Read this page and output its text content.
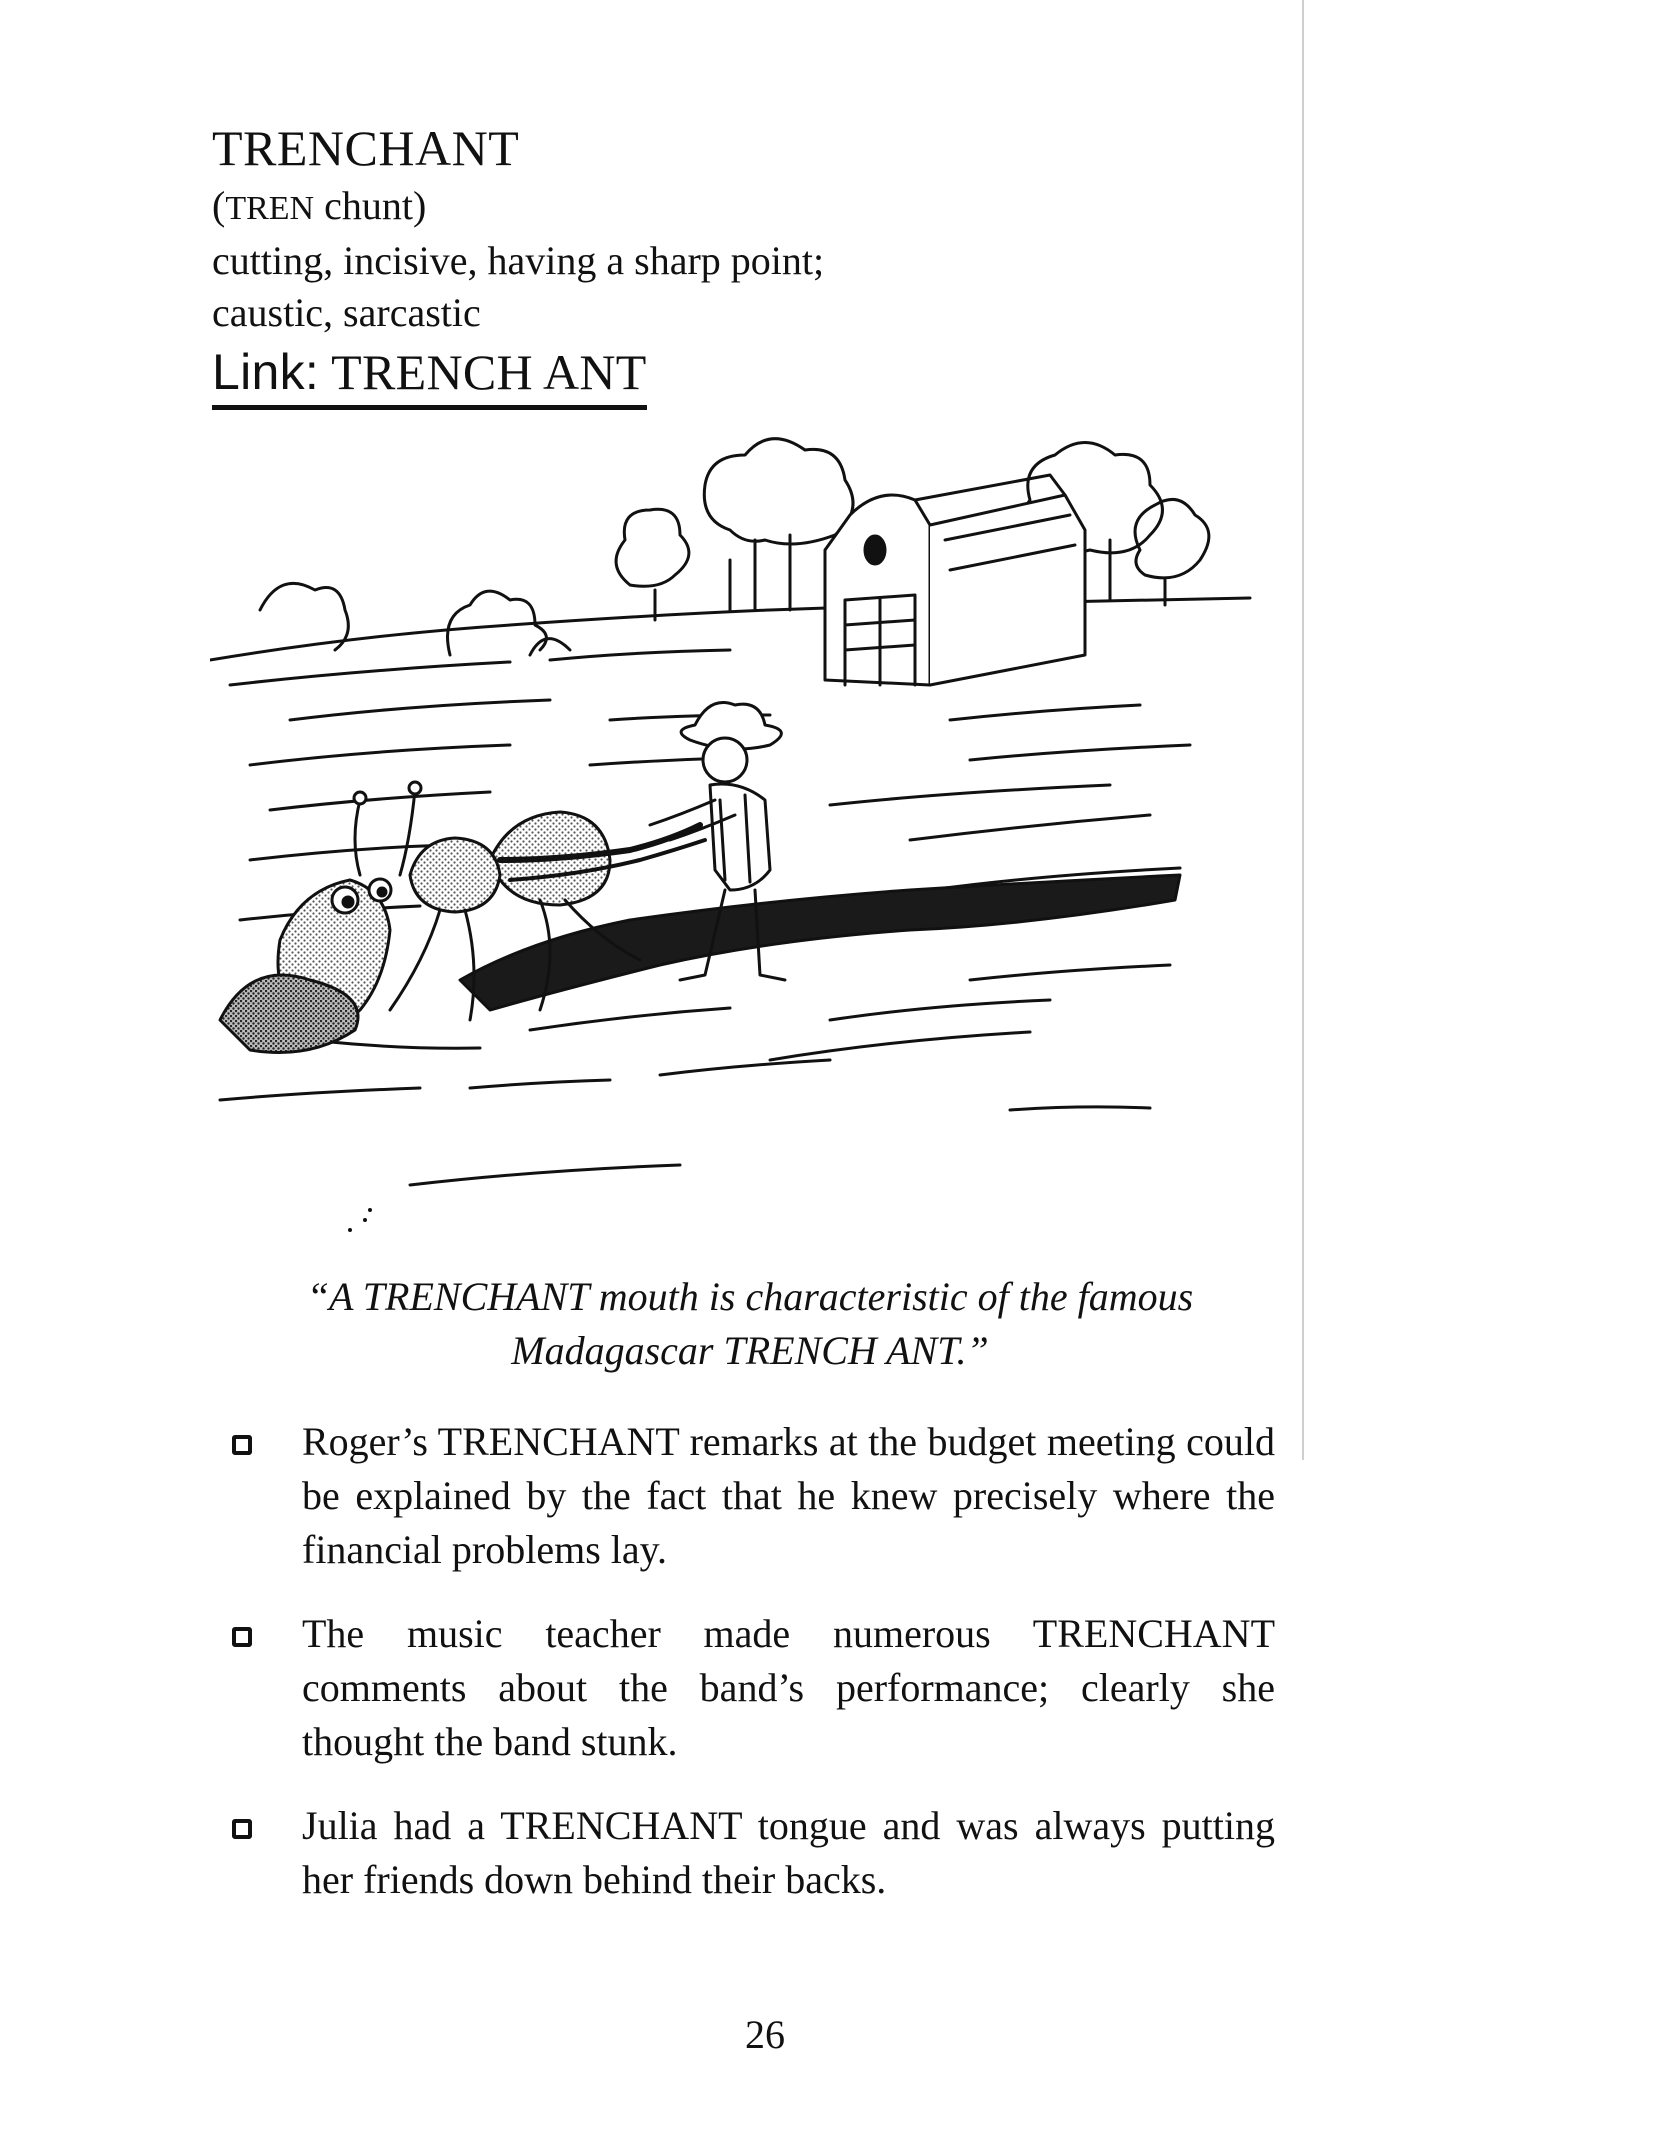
TRENCHANT
(TREN chunt)
cutting, incisive, having a sharp point; caustic, sarcastic
Link: TRENCH ANT
“A TRENCHANT mouth is characteristic of the famous Madagascar TRENCH ANT.”
Roger’s TRENCHANT remarks at the budget meeting could be explained by the fact that he knew precisely where the financial problems lay.
The music teacher made numerous TRENCHANT comments about the band’s performance; clearly she thought the band stunk.
Julia had a TRENCHANT tongue and was always putting her friends down behind their backs.
26
